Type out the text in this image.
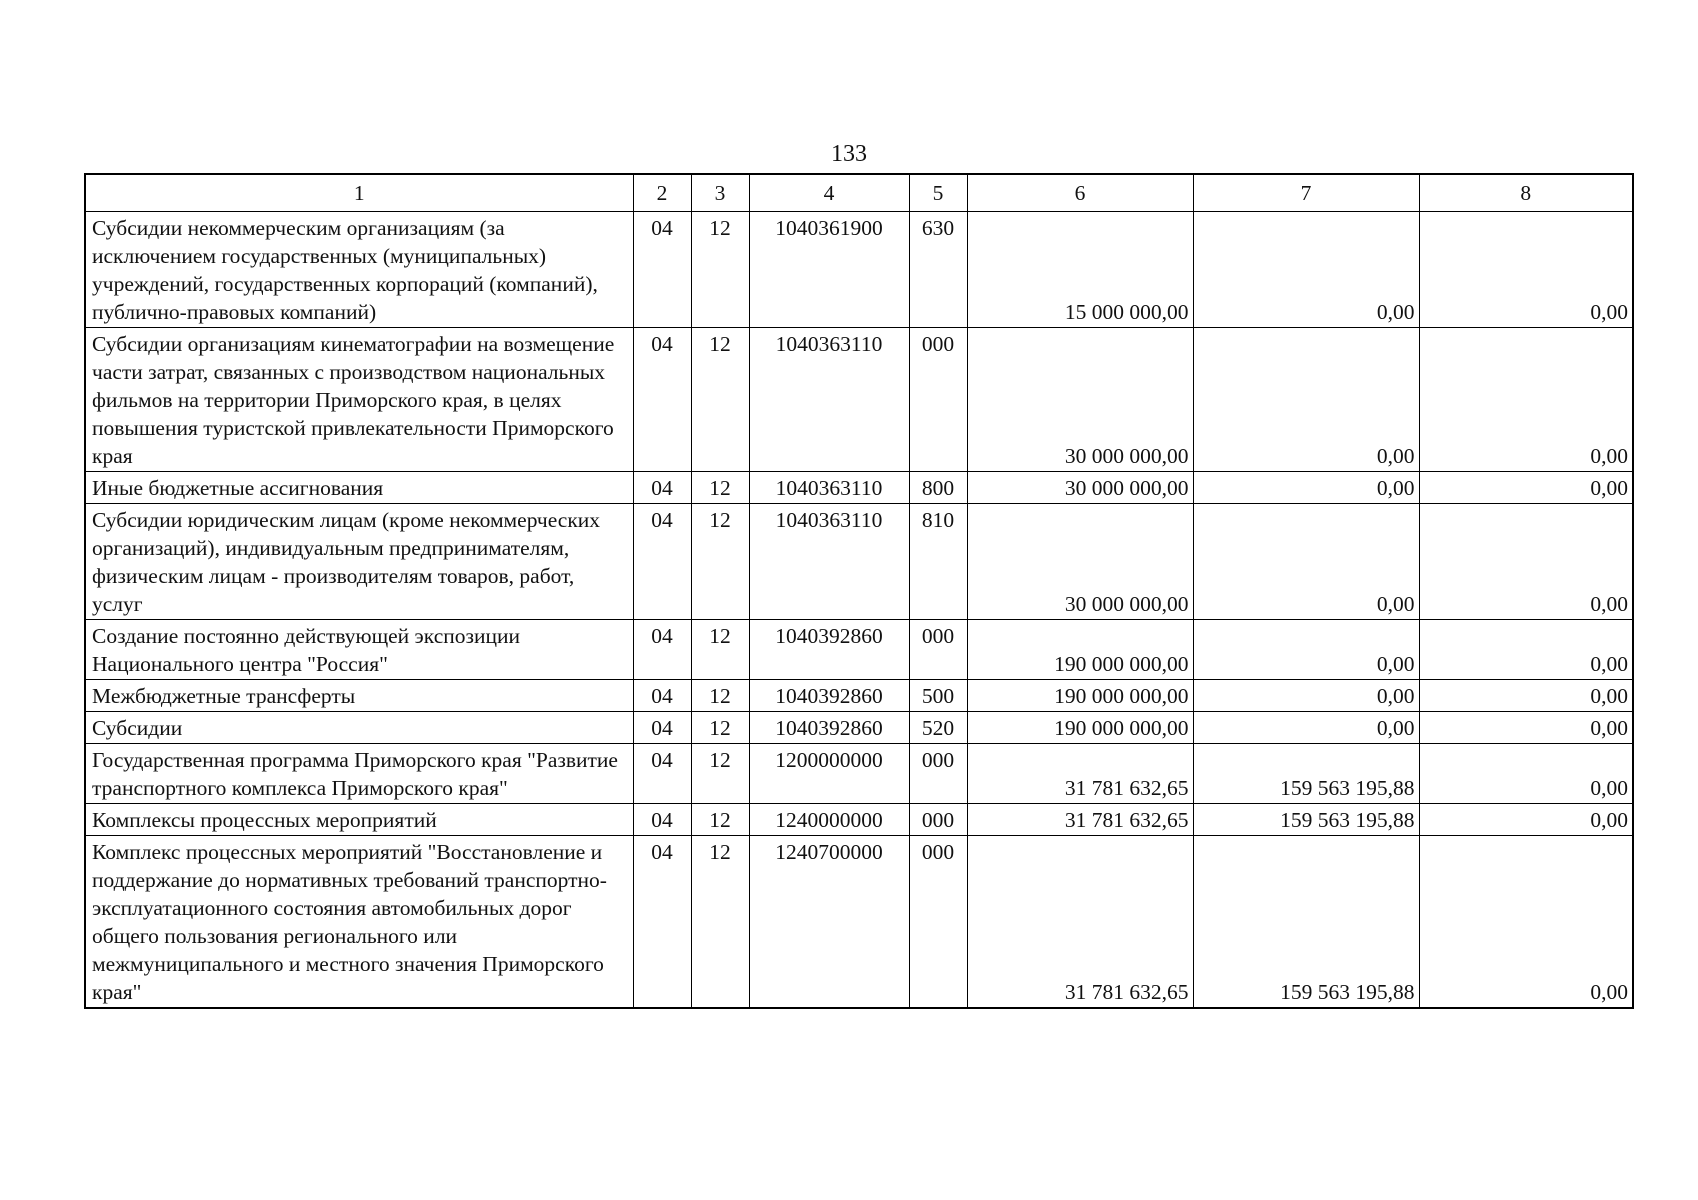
133
1	2	3	4	5	6	7	8
Субсидии некоммерческим организациям (за исключением государственных (муниципальных) учреждений, государственных корпораций (компаний), публично-правовых компаний)	04	12	1040361900	630	15 000 000,00	0,00	0,00
Субсидии организациям кинематографии на возмещение части затрат, связанных с производством национальных фильмов на территории Приморского края, в целях повышения туристской привлекательности Приморского края	04	12	1040363110	000	30 000 000,00	0,00	0,00
Иные бюджетные ассигнования	04	12	1040363110	800	30 000 000,00	0,00	0,00
Субсидии юридическим лицам (кроме некоммерческих организаций), индивидуальным предпринимателям, физическим лицам - производителям товаров, работ, услуг	04	12	1040363110	810	30 000 000,00	0,00	0,00
Создание постоянно действующей экспозиции Национального центра "Россия"	04	12	1040392860	000	190 000 000,00	0,00	0,00
Межбюджетные трансферты	04	12	1040392860	500	190 000 000,00	0,00	0,00
Субсидии	04	12	1040392860	520	190 000 000,00	0,00	0,00
Государственная программа Приморского края "Развитие транспортного комплекса Приморского края"	04	12	1200000000	000	31 781 632,65	159 563 195,88	0,00
Комплексы процессных мероприятий	04	12	1240000000	000	31 781 632,65	159 563 195,88	0,00
Комплекс процессных мероприятий "Восстановление и поддержание до нормативных требований транспортно-эксплуатационного состояния автомобильных дорог общего пользования регионального или межмуниципального и местного значения Приморского края"	04	12	1240700000	000	31 781 632,65	159 563 195,88	0,00
